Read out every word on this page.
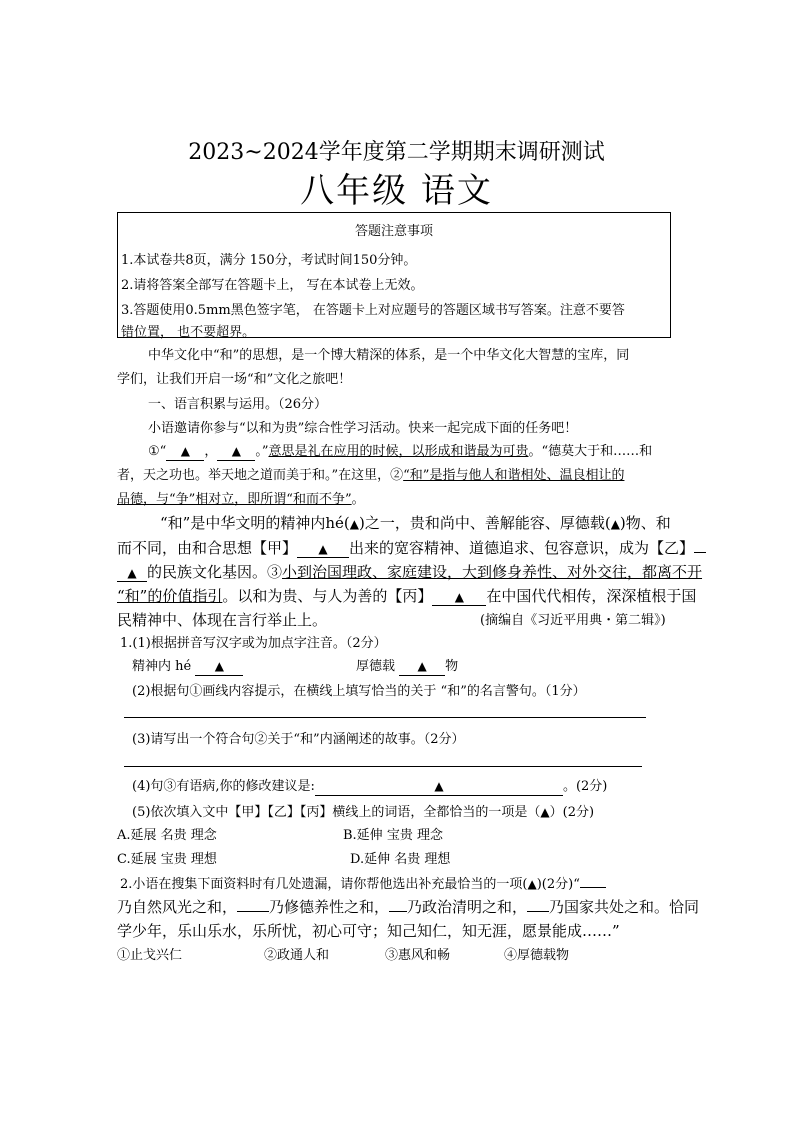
2023~2024学年度第二学期期末调研测试
八年级 语文
答题注意事项
1.本试卷共8页，满分 150分，考试时间150分钟。
2.请将答案全部写在答题卡上， 写在本试卷上无效。
3.答题使用0.5mm黑色签字笔， 在答题卡上对应题号的答题区域书写答案。注意不要答
错位置， 也不要超界。
中华文化中“和”的思想，是一个博大精深的体系，是一个中华文化大智慧的宝库，同
学们，让我们开启一场“和”文化之旅吧！
一、语言积累与运用。（26分）
小语邀请你参与“以和为贵”综合性学习活动。快来一起完成下面的任务吧！
①“ ▲ ， ▲ 。”意思是礼在应用的时候，以形成和谐最为可贵。“德莫大于和……和
者，天之功也。举天地之道而美于和。”在这里，②“和”是指与他人和谐相处、温良相让的
品德，与“争”相对立，即所谓“和而不争”。
“和”是中华文明的精神内hé(▲)之一，贵和尚中、善解能容、厚德载(▲)物、和
而不同，由和合思想【甲】 ▲ 出来的宽容精神、道德追求、包容意识，成为【乙】
▲ 的民族文化基因。③小到治国理政、家庭建设，大到修身养性、对外交往，都离不开
“和”的价值指引。以和为贵、与人为善的【丙】 ▲ 在中国代代相传，深深植根于国
民精神中、体现在言行举止上。	(摘编自《习近平用典・第二辑》)
1.(1)根据拼音写汉字或为加点字注音。（2分）
精神内 hé ▲	厚德载 ▲ 物
(2)根据句①画线内容提示，在横线上填写恰当的关于 “和”的名言警句。（1分）
(3)请写出一个符合句②关于“和”内涵阐述的故事。（2分）
(4)句③有语病,你的修改建议是:	▲	。(2分)
(5)依次填入文中【甲】【乙】【丙】横线上的词语，全都恰当的一项是（▲）(2分)
A.延展 名贵 理念	B.延伸 宝贵 理念
C.延展 宝贵 理想	D.延伸 名贵 理想
2.小语在搜集下面资料时有几处遗漏，请你帮他选出补充最恰当的一项(▲)(2分)“
乃自然风光之和， 乃修德养性之和， 乃政治清明之和， 乃国家共处之和。恰同
学少年，乐山乐水，乐所忧，初心可守；知己知仁，知无涯，愿景能成……”
①止戈兴仁	②政通人和	③惠风和畅	④厚德载物
